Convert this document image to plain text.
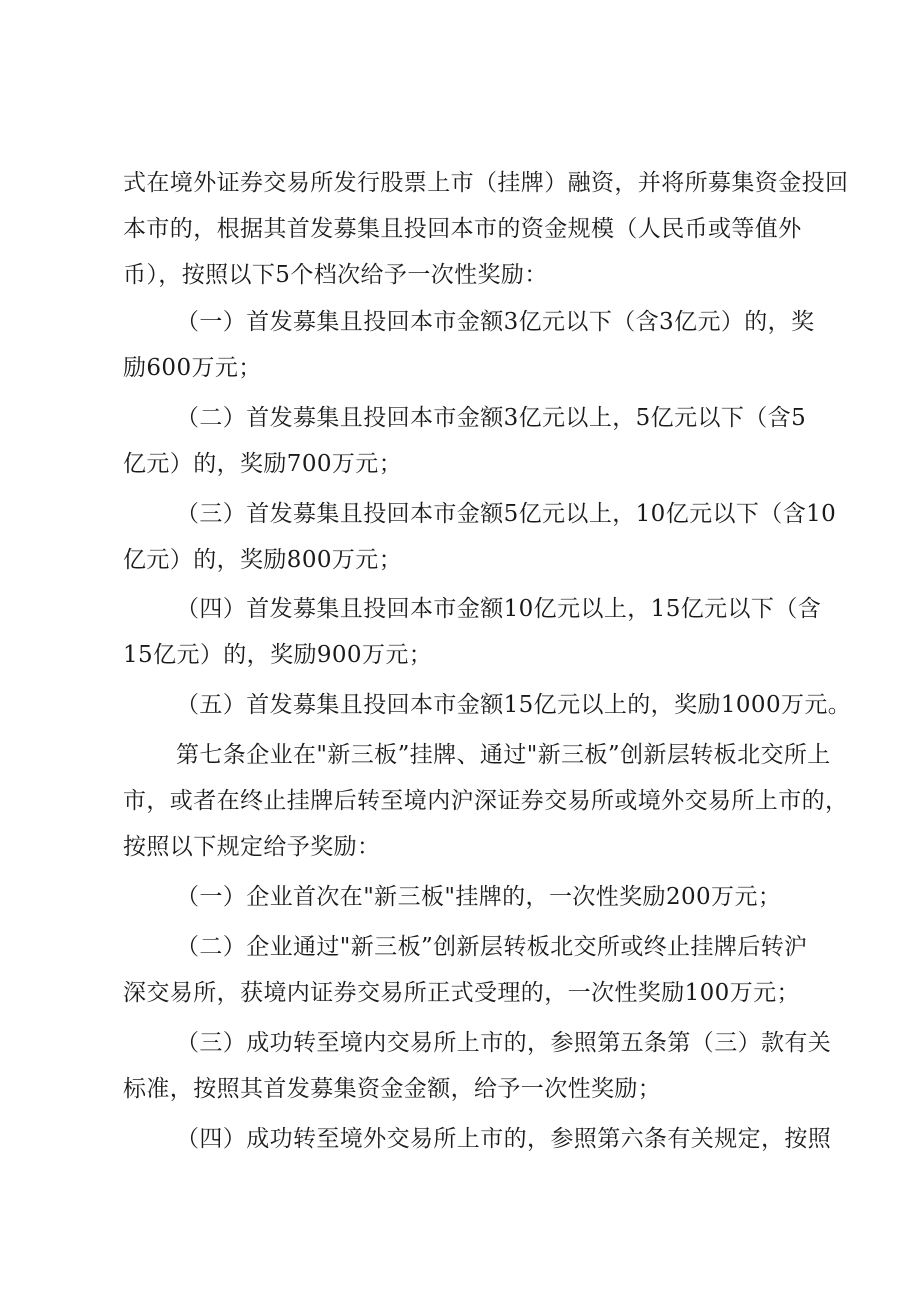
式在境外证券交易所发行股票上市（挂牌）融资，并将所募集资金投回
本市的，根据其首发募集且投回本市的资金规模（人民币或等值外
币），按照以下5个档次给予一次性奖励：
（一）首发募集且投回本市金额3亿元以下（含3亿元）的，奖
励600万元；
（二）首发募集且投回本市金额3亿元以上，5亿元以下（含5
亿元）的，奖励700万元；
（三）首发募集且投回本市金额5亿元以上，10亿元以下（含10
亿元）的，奖励800万元；
（四）首发募集且投回本市金额10亿元以上，15亿元以下（含
15亿元）的，奖励900万元；
（五）首发募集且投回本市金额15亿元以上的，奖励1000万元。
第七条企业在"新三板”挂牌、通过"新三板”创新层转板北交所上
市，或者在终止挂牌后转至境内沪深证券交易所或境外交易所上市的，
按照以下规定给予奖励：
（一）企业首次在"新三板"挂牌的，一次性奖励200万元；
（二）企业通过"新三板”创新层转板北交所或终止挂牌后转沪
深交易所，获境内证券交易所正式受理的，一次性奖励100万元；
（三）成功转至境内交易所上市的，参照第五条第（三）款有关
标准，按照其首发募集资金金额，给予一次性奖励；
（四）成功转至境外交易所上市的，参照第六条有关规定，按照
